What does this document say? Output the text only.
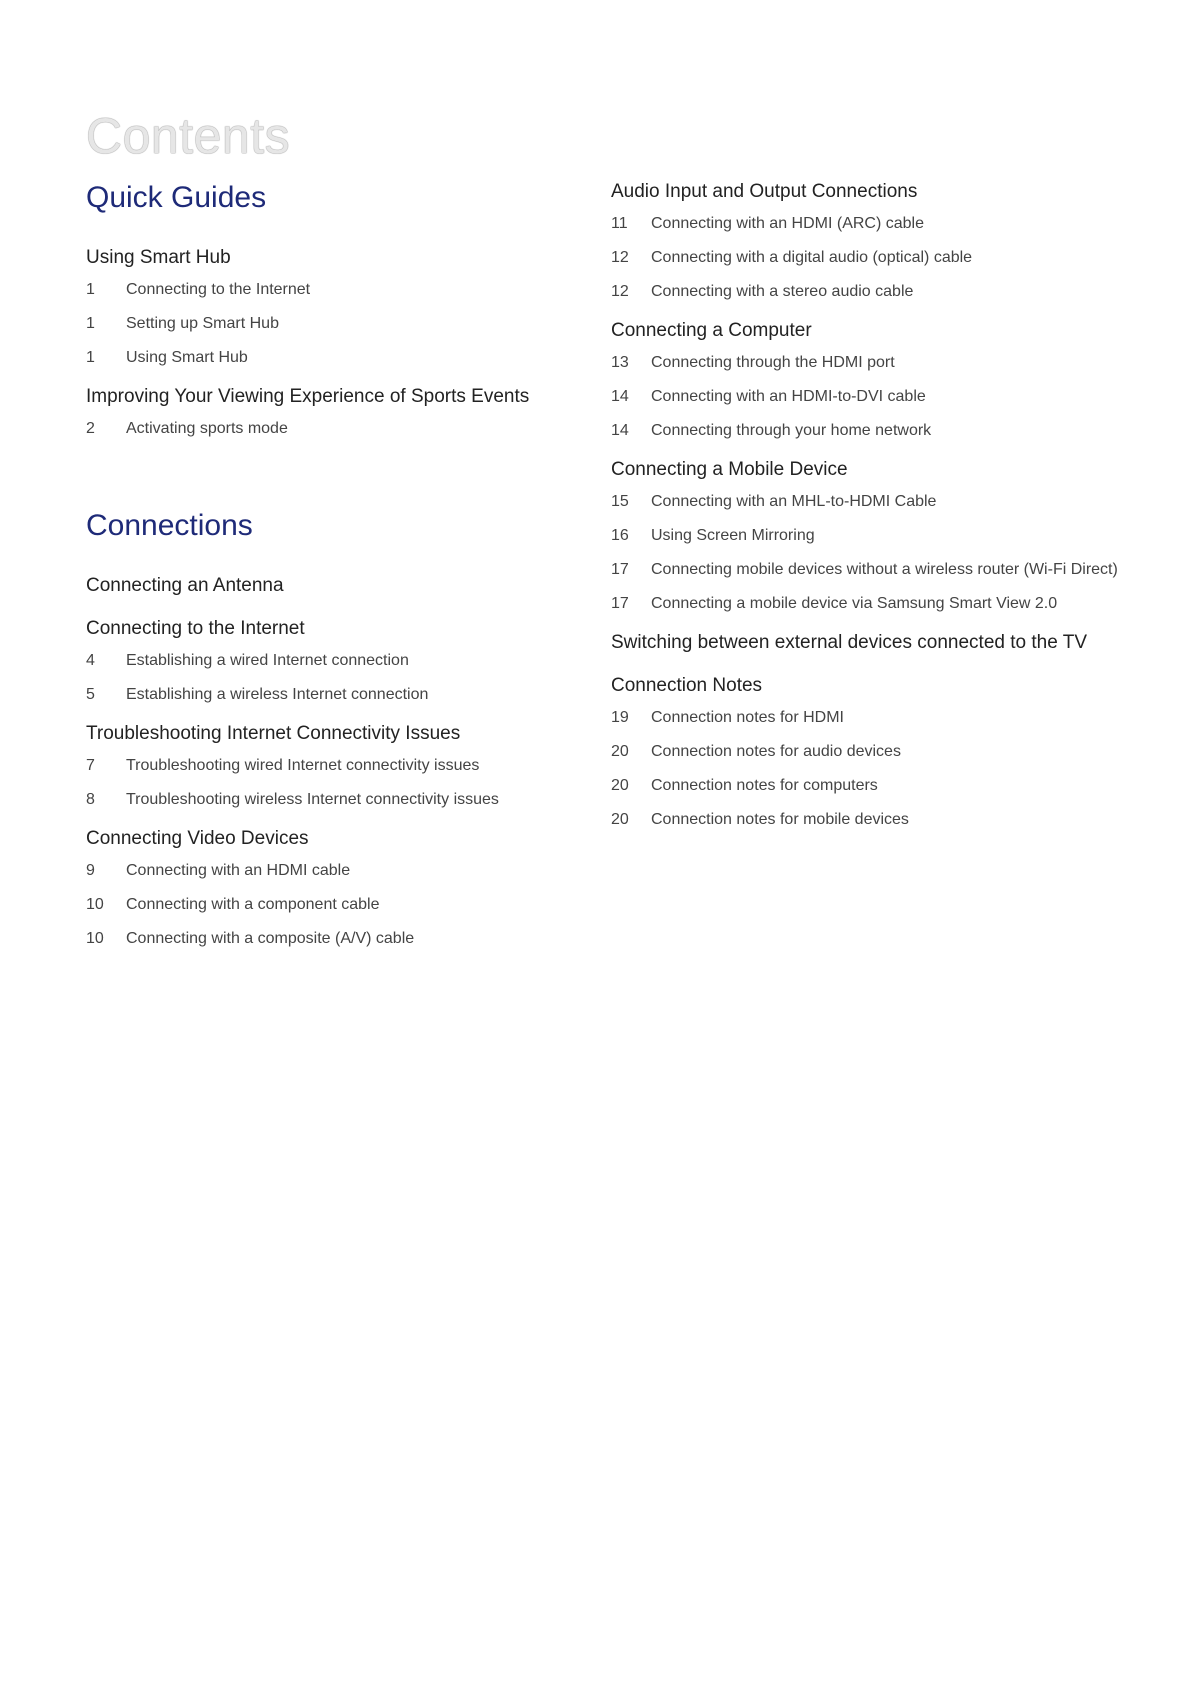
Contents
Quick Guides
Using Smart Hub
1	Connecting to the Internet
1	Setting up Smart Hub
1	Using Smart Hub
Improving Your Viewing Experience of Sports Events
2	Activating sports mode
Connections
Connecting an Antenna
Connecting to the Internet
4	Establishing a wired Internet connection
5	Establishing a wireless Internet connection
Troubleshooting Internet Connectivity Issues
7	Troubleshooting wired Internet connectivity issues
8	Troubleshooting wireless Internet connectivity issues
Connecting Video Devices
9	Connecting with an HDMI cable
10	Connecting with a component cable
10	Connecting with a composite (A/V) cable
Audio Input and Output Connections
11	Connecting with an HDMI (ARC) cable
12	Connecting with a digital audio (optical) cable
12	Connecting with a stereo audio cable
Connecting a Computer
13	Connecting through the HDMI port
14	Connecting with an HDMI-to-DVI cable
14	Connecting through your home network
Connecting a Mobile Device
15	Connecting with an MHL-to-HDMI Cable
16	Using Screen Mirroring
17	Connecting mobile devices without a wireless router (Wi-Fi Direct)
17	Connecting a mobile device via Samsung Smart View 2.0
Switching between external devices connected to the TV
Connection Notes
19	Connection notes for HDMI
20	Connection notes for audio devices
20	Connection notes for computers
20	Connection notes for mobile devices
